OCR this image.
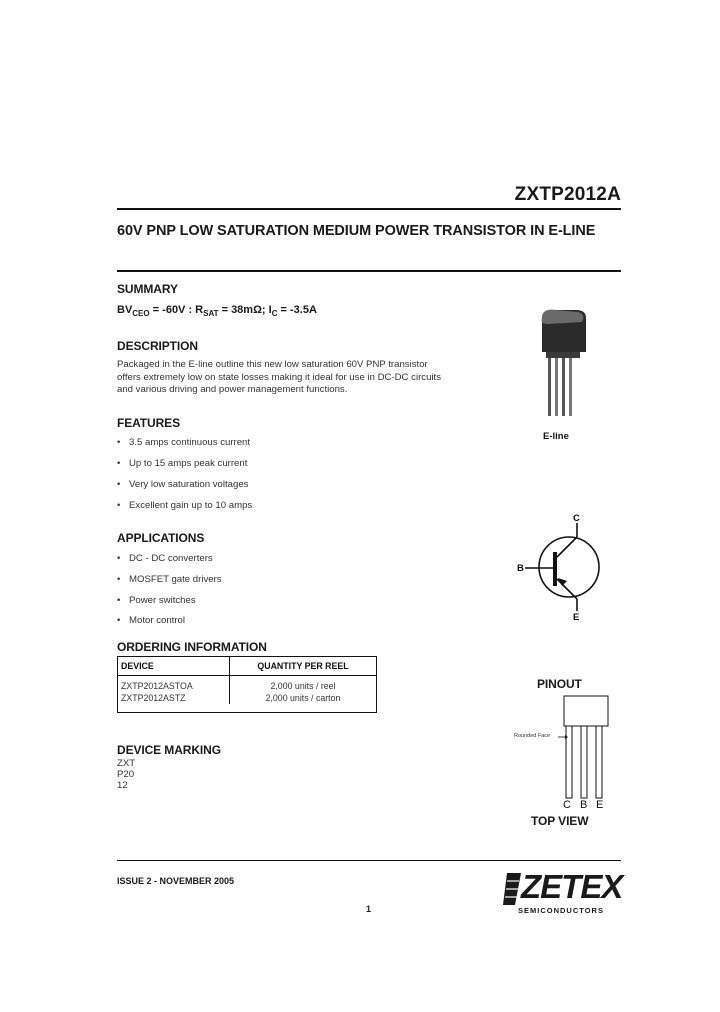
ZXTP2012A
60V PNP LOW SATURATION MEDIUM POWER TRANSISTOR IN E-LINE
SUMMARY
$BV_{CEO} = -60V$ : $R_{SAT} = 38m\Omega$; $I_C = -3.5A$
DESCRIPTION
Packaged in the E-line outline this new low saturation 60V PNP transistor
offers extremely low on state losses making it ideal for use in DC-DC circuits
and various driving and power management functions.
FEATURES
• 3.5 amps continuous current
• Up to 15 amps peak current
• Very low saturation voltages
• Excellent gain up to 10 amps
APPLICATIONS
• DC - DC converters
• MOSFET gate drivers
• Power switches
• Motor control
ORDERING INFORMATION
DEVICE	QUANTITY PER REEL
ZXTP2012ASTOA	2,000 units / reel
ZXTP2012ASTZ	2,000 units / carton
DEVICE MARKING
ZXT
P20
12
E-line
C
B
E
PINOUT
Rounded Face
C B E
TOP VIEW
ISSUE 2 - NOVEMBER 2005
1
ZETEX
SEMICONDUCTORS
